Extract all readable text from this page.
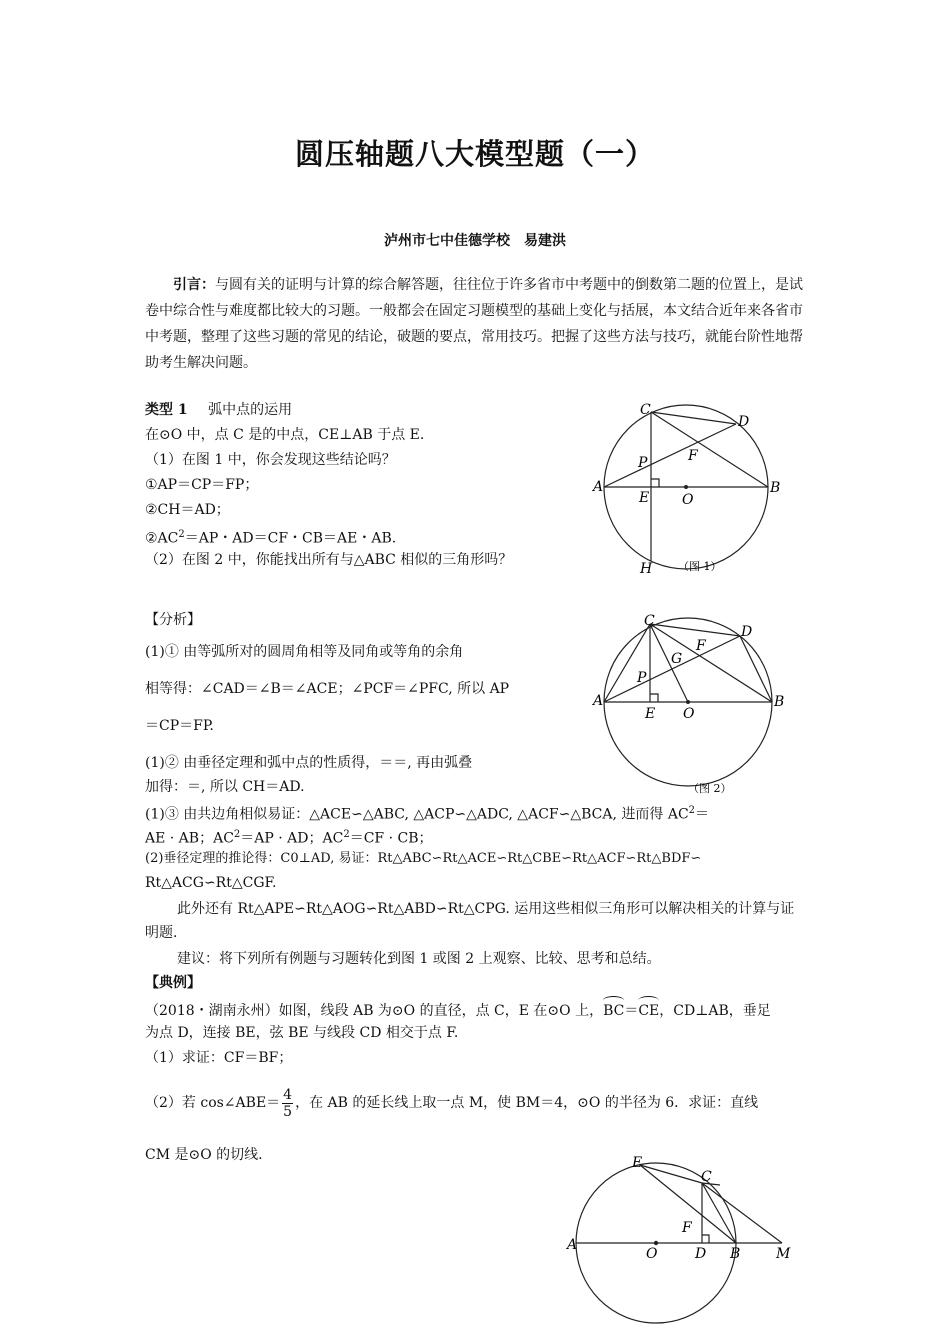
圆压轴题八大模型题（一）
泸州市七中佳德学校　易建洪
引言：与圆有关的证明与计算的综合解答题，往往位于许多省市中考题中的倒数第二题的位置上，是试卷中综合性与难度都比较大的习题。一般都会在固定习题模型的基础上变化与括展，本文结合近年来各省市中考题，整理了这些习题的常见的结论，破题的要点，常用技巧。把握了这些方法与技巧，就能台阶性地帮助考生解决问题。
类型 1 弧中点的运用
在⊙O 中，点 C 是的中点，CE⊥AB 于点 E.
（1）在图 1 中，你会发现这些结论吗？
①AP＝CP＝FP；
②CH＝AD；
$②AC^2=AP$・AD＝CF・CB＝AE・AB.
（2）在图 2 中，你能找出所有与△ABC 相似的三角形吗？
【分析】
(1)① 由等弧所对的圆周角相等及同角或等角的余角
相等得：∠CAD＝∠B＝∠ACE；∠PCF＝∠PFC, 所以 AP
＝CP＝FP.
(1)② 由垂径定理和弧中点的性质得，＝＝, 再由弧叠
加得：＝, 所以 CH＝AD.
(1)③ 由共边角相似易证：△ACE∽△ABC, △ACP∽△ADC, △ACF∽△BCA, 进而得 $AC^2=$
AE · AB；$AC^2=AP$ · AD；$AC^2=CF$ · CB；
(2)垂径定理的推论得：C0⊥AD, 易证：Rt△ABC∽Rt△ACE∽Rt△CBE∽Rt△ACF∽Rt△BDF∽
Rt△ACG∽Rt△CGF.
此外还有 Rt△APE∽Rt△AOG∽Rt△ABD∽Rt△CPG. 运用这些相似三角形可以解决相关的计算与证明题.
建议：将下列所有例题与习题转化到图 1 或图 2 上观察、比较、思考和总结。
【典例】
（2018・湖南永州）如图，线段 AB 为⊙O 的直径，点 C，E 在⊙O 上，BC＝CE，CD⊥AB，垂足
为点 D，连接 BE，弦 BE 与线段 CD 相交于点 F.
（1）求证：CF＝BF；
（2）若 cos∠ABE＝ $\frac{4}{5}$ ，在 AB 的延长线上取一点 M，使 BM＝4，⊙O 的半径为 6．求证：直线
CM 是⊙O 的切线.
C
D
P	F
A	B
E O
H （图 1）
C
D
F
G
P
A	B
E O
（图 2）
E
C
F
A
O	D B	M
